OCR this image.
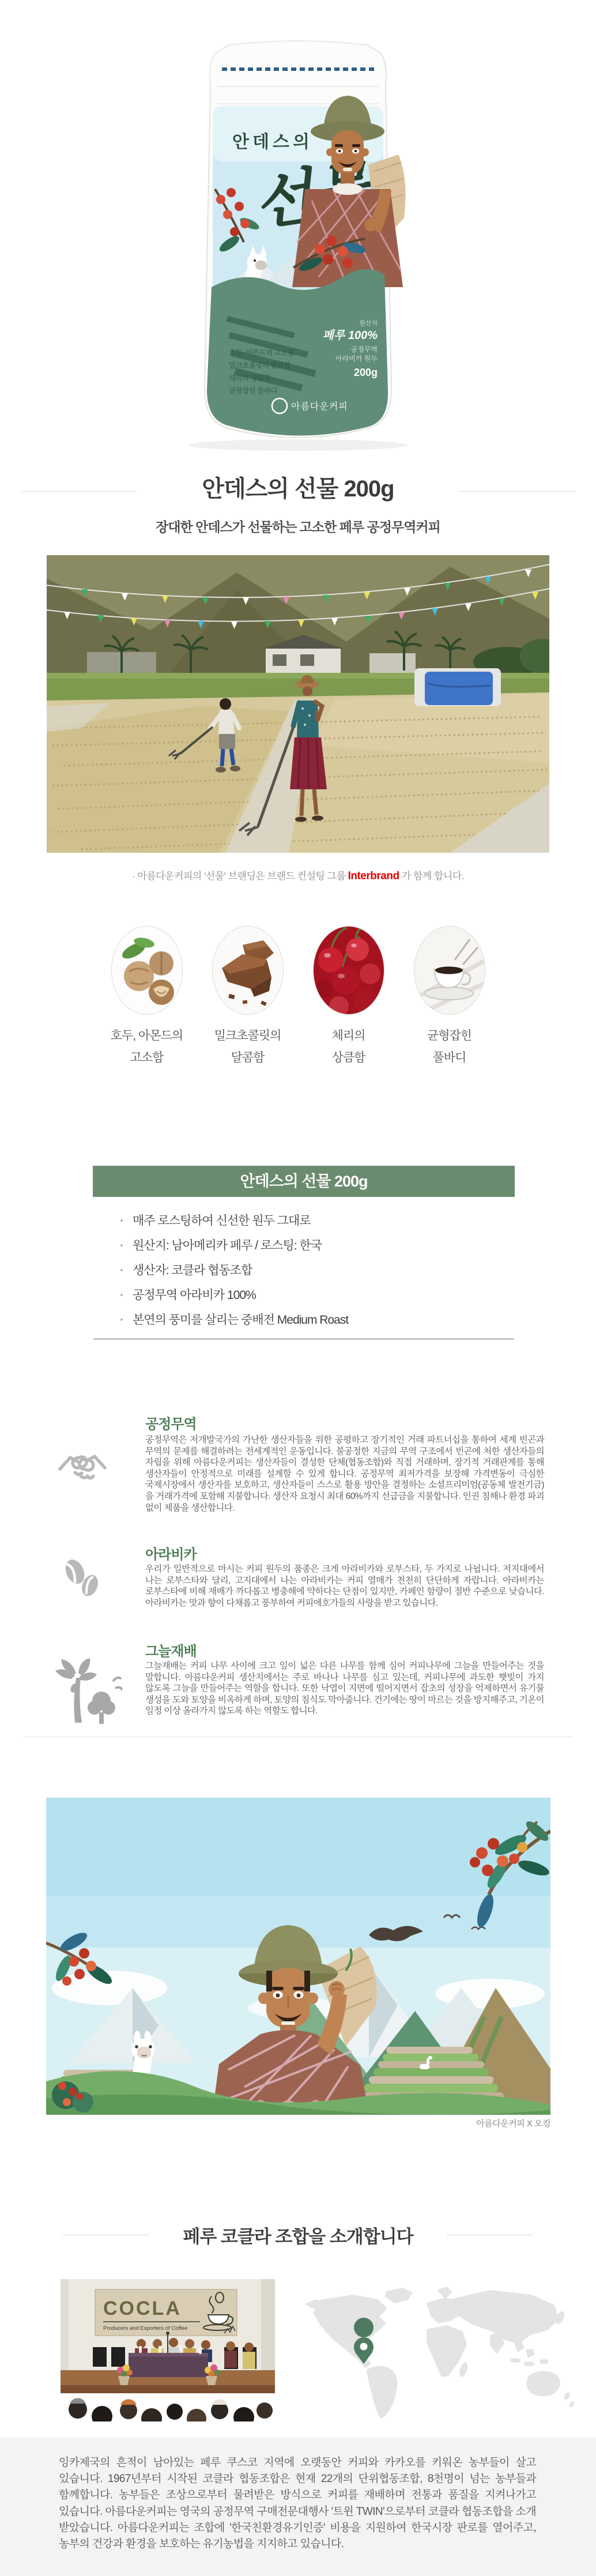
안데스의
호두, 아몬드의 고소함
밀크초콜릿의 달콤함
체리의 상큼함
균형잡힌 풀바디
원산지
페루 100%
공정무역
아라비카 원두
200g
아름다운커피
안데스의 선물 200g
장대한 안데스가 선물하는 고소한 페루 공정무역커피
· 아름다운커피의 '선물' 브랜딩은 브랜드 컨설팅 그룹 Interbrand 가 함께 합니다.
호두, 아몬드의
고소함
밀크초콜릿의
달콤함
체리의
상큼함
균형잡힌
풀바디
안데스의 선물 200g
· 매주 로스팅하여 신선한 원두 그대로
· 원산지: 남아메리카 페루 / 로스팅: 한국
· 생산자: 코클라 협동조합
· 공정무역 아라비카 100%
· 본연의 풍미를 살리는 중배전 Medium Roast
공정무역

공정무역은 저개발국가의 가난한 생산자들을 위한 공평하고 장기적인 거래 파트너십을 통하여 세계 빈곤과 무역의 문제를 해결하려는 전세계적인 운동입니다. 불공정한 지금의 무역 구조에서 빈곤에 처한 생산자들의 자립을 위해 아름다운커피는 생산자들이 결성한 단체(협동조합)와 직접 거래하며, 장기적 거래관계를 통해 생산자들이 안정적으로 미래를 설계할 수 있게 합니다. 공정무역 최저가격을 보장해 가격변동이 극심한 국제시장에서 생산자를 보호하고, 생산자들이 스스로 활용 방안을 결정하는 소셜프리미엄(공동체 발전기금)을 거래가격에 포함해 지불합니다. 생산자 요청시 최대 60%까지 선급금을 지불합니다. 인권 침해나 환경 파괴 없이 제품을 생산합니다.

아라비카

우리가 일반적으로 마시는 커피 원두의 품종은 크게 아라비카와 로부스타, 두 가지로 나뉩니다. 저지대에서 나는 로부스타와 달리, 고지대에서 나는 아라비카는 커피 열매가 천천히 단단하게 자랍니다. 아라비카는 로부스타에 비해 재배가 까다롭고 병충해에 약하다는 단점이 있지만, 카페인 함량이 절반 수준으로 낮습니다. 아라비카는 맛과 향이 다채롭고 풍부하여 커피애호가들의 사랑을 받고 있습니다.

그늘재배

그늘재배는 커피 나무 사이에 크고 잎이 넓은 다른 나무를 함께 심어 커피나무에 그늘을 만들어주는 것을 말합니다. 아름다운커피 생산지에서는 주로 바나나 나무를 심고 있는데, 커피나무에 과도한 햇빛이 가지 않도록 그늘을 만들어주는 역할을 합니다. 또한 낙엽이 지면에 떨어지면서 잡초의 성장을 억제하면서 유기물 생성을 도와 토양을 비옥하게 하며, 토양의 침식도 막아줍니다. 건기에는 땅이 마르는 것을 방지해주고, 기온이 일정 이상 올라가지 않도록 하는 역할도 합니다.

아름다운커피 X 오킹
페루 코클라 조합을 소개합니다
COCLA
Producers and Exporters of Coffee

잉카제국의 흔적이 남아있는 페루 쿠스코 지역에 오랫동안 커피와 카카오를 키워온 농부들이 살고 있습니다. 1967년부터 시작된 코클라 협동조합은 현재 22개의 단위협동조합, 8천명이 넘는 농부들과 함께합니다. 농부들은 조상으로부터 물려받은 방식으로 커피를 재배하며 전통과 품질을 지켜나가고 있습니다. 아름다운커피는 영국의 공정무역 구매전문대행사 '트윈 TWIN'으로부터 코클라 협동조합을 소개 받았습니다. 아름다운커피는 조합에 '한국친환경유기인증' 비용을 지원하여 한국시장 판로를 열어주고, 농부의 건강과 환경을 보호하는 유기농법을 지지하고 있습니다.
